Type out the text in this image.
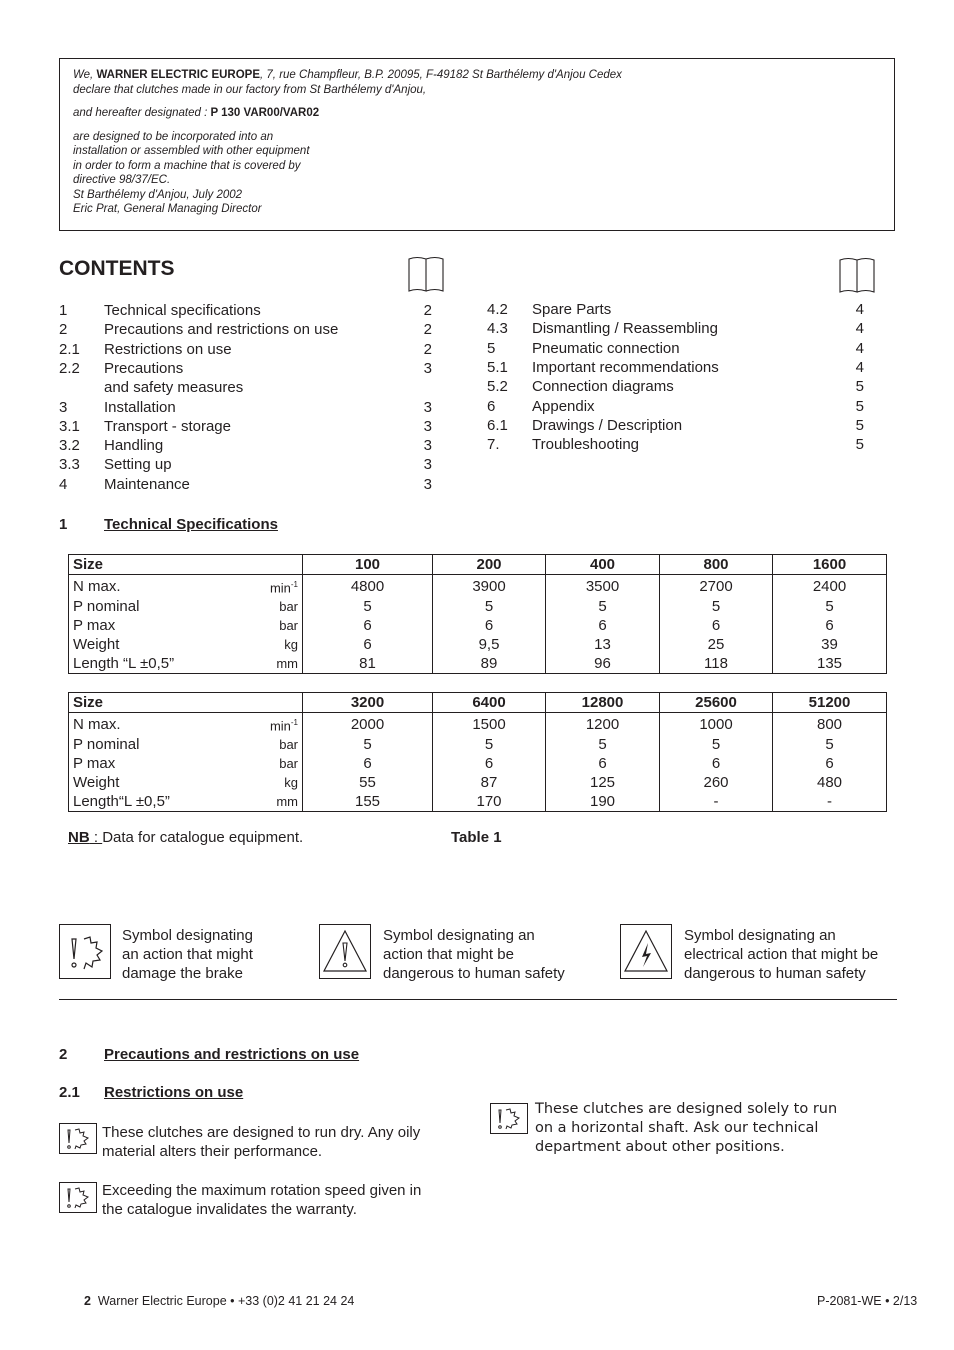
We, WARNER ELECTRIC EUROPE, 7, rue Champfleur, B.P. 20095, F-49182 St Barthélemy d'Anjou Cedex
declare that clutches made in our factory from St Barthélemy d'Anjou,

and hereafter designated : P 130 VAR00/VAR02

are designed to be incorporated into an
installation or assembled with other equipment
in order to form a machine that is covered by
directive 98/37/EC.
St Barthélemy d'Anjou, July 2002
Eric Prat, General Managing Director

CONTENTS
1 Technical specifications	2
2 Precautions and restrictions on use	2
2.1 Restrictions on use	2
2.2 Precautions	3
and safety measures
3 Installation	3
3.1 Transport - storage	3
3.2 Handling	3
3.3 Setting up	3
4 Maintenance	3
4.2 Spare Parts	4
4.3 Dismantling / Reassembling	4
5 Pneumatic connection	4
5.1 Important recommendations	4
5.2 Connection diagrams	5
6 Appendix	5
6.1 Drawings / Description	5
7. Troubleshooting	5
1 Technical Specifications
Size		100	200	400	800	1600
N max.	$\min^{-1}$	4800	3900	3500	2700	2400
P nominal	bar	5	5	5	5	5
P max	bar	6	6	6	6	6
Weight	kg	6	9,5	13	25	39
Length “L ±0,5”	mm	81	89	96	118	135
Size		3200	6400	12800	25600	51200
N max.	$\min^{-1}$	2000	1500	1200	1000	800
P nominal	bar	5	5	5	5	5
P max	bar	6	6	6	6	6
Weight	kg	55	87	125	260	480
Length“L ±0,5”	mm	155	170	190	-	-
NB : Data for catalogue equipment.	Table 1
Symbol designating
an action that might
damage the brake
Symbol designating an
action that might be
dangerous to human safety
Symbol designating an
electrical action that might be
dangerous to human safety
2 Precautions and restrictions on use
2.1 Restrictions on use
These clutches are designed to run dry. Any oily
material alters their performance.
Exceeding the maximum rotation speed given in
the catalogue invalidates the warranty.
These clutches are designed solely to run
on a horizontal shaft. Ask our technical
department about other positions.
2 Warner Electric Europe • +33 (0)2 41 21 24 24	P-2081-WE • 2/13
